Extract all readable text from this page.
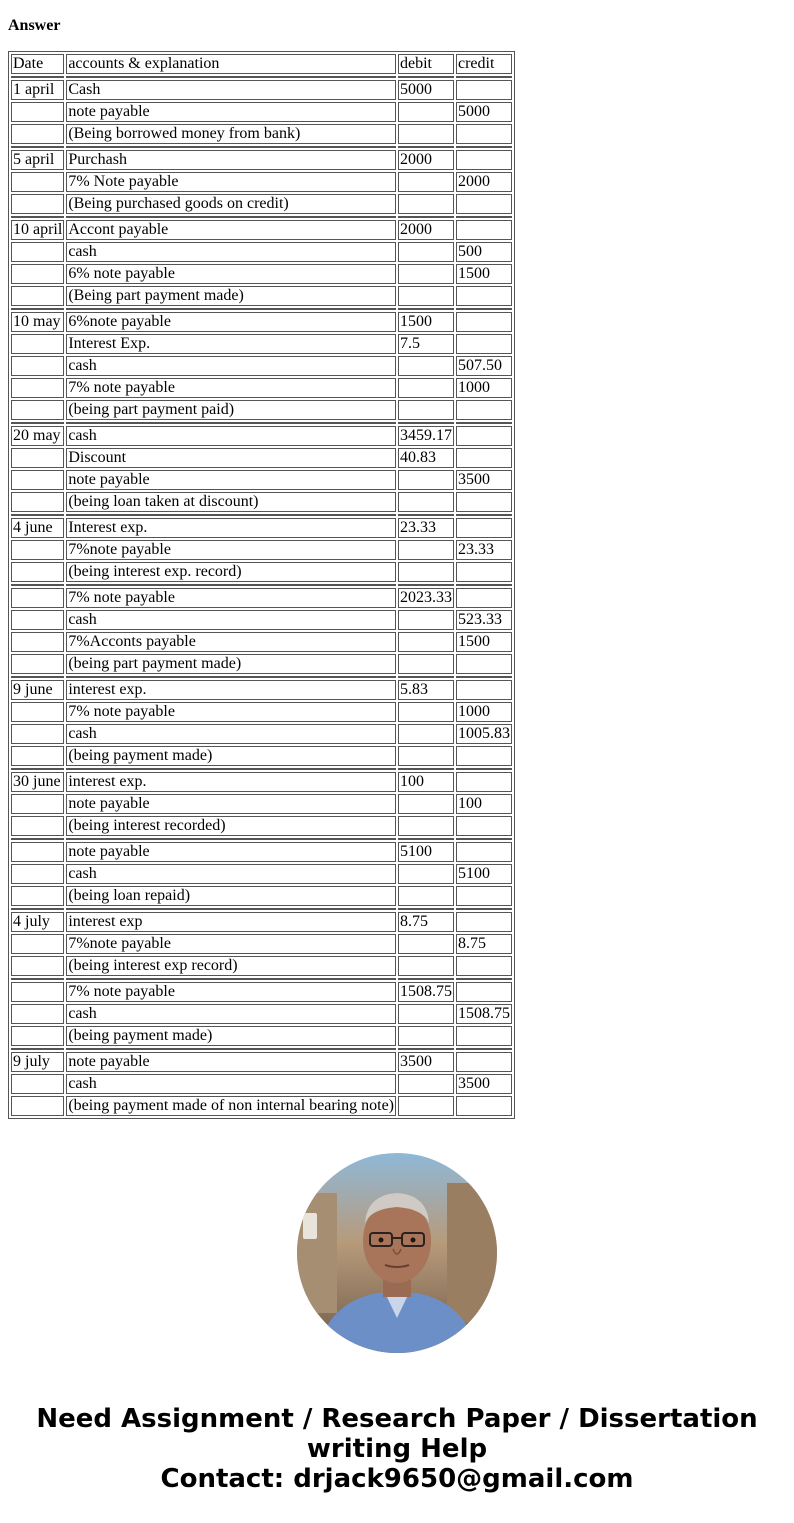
Answer
Date	accounts & explanation	debit	credit

1 april	Cash	5000	
	note payable		5000
	(Being borrowed money from bank)		

5 april	Purchash	2000	
	7% Note payable		2000
	(Being purchased goods on credit)		

10 april	Accont payable	2000	
	cash		500
	6% note payable		1500
	(Being part payment made)		

10 may	6%note payable	1500	
	Interest Exp.	7.5	
	cash		507.50
	7% note payable		1000
	(being part payment paid)		

20 may	cash	3459.17	
	Discount	40.83	
	note payable		3500
	(being loan taken at discount)		

4 june	Interest exp.	23.33	
	7%note payable		23.33
	(being interest exp. record)		

	7% note payable	2023.33	
	cash		523.33
	7%Acconts payable		1500
	(being part payment made)		

9 june	interest exp.	5.83	
	7% note payable		1000
	cash		1005.83
	(being payment made)		

30 june	interest exp.	100	
	note payable		100
	(being interest recorded)		

	note payable	5100	
	cash		5100
	(being loan repaid)		

4 july	interest exp	8.75	
	7%note payable		8.75
	(being interest exp record)		

	7% note payable	1508.75	
	cash		1508.75
	(being payment made)		

9 july	note payable	3500	
	cash		3500
	(being payment made of non internal bearing note)		
Need Assignment / Research Paper / Dissertation
writing Help
Contact: drjack9650@gmail.com
